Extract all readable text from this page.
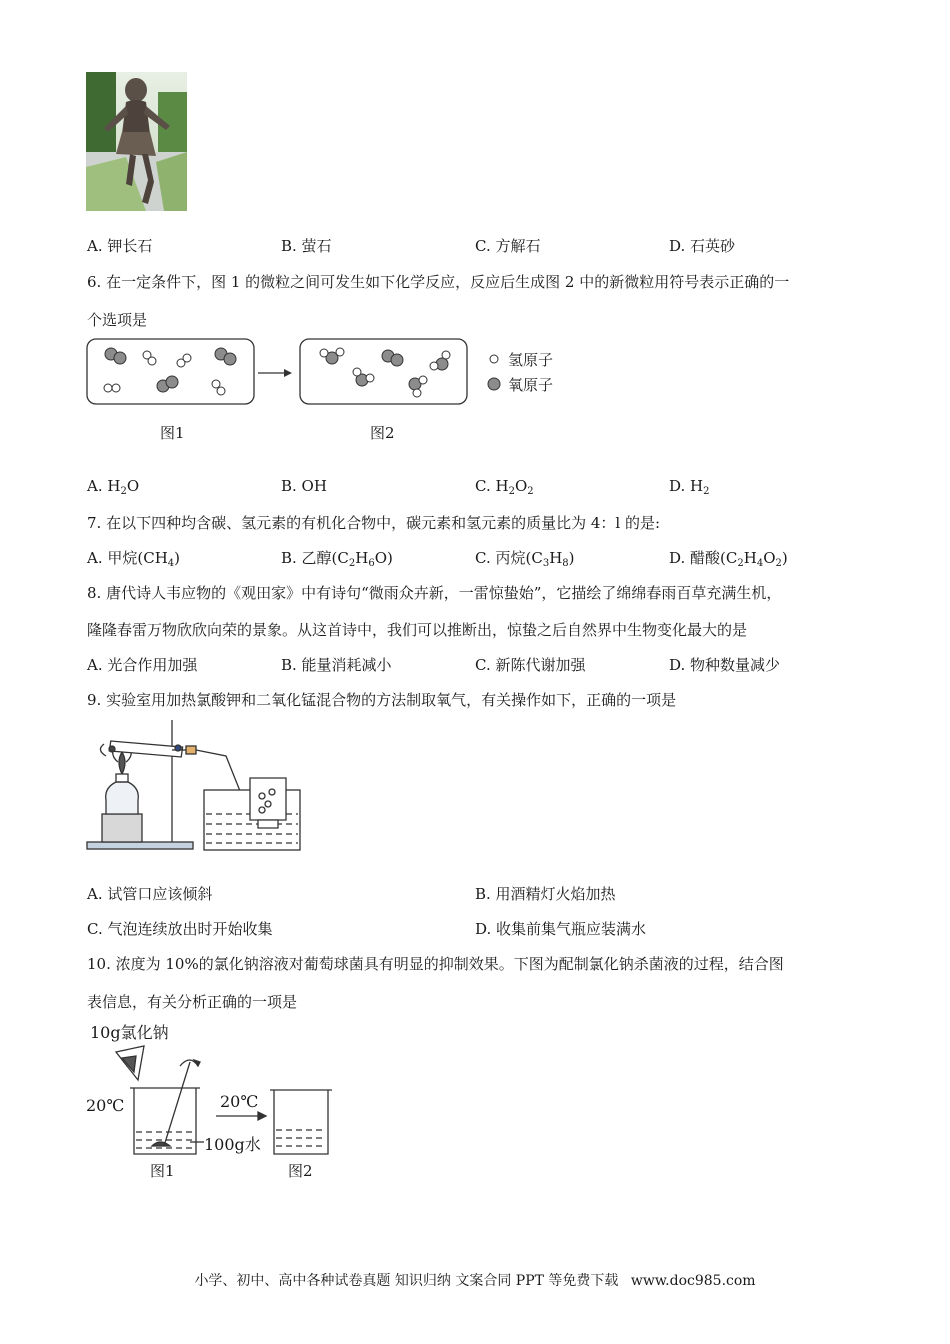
A. 钾长石	B. 萤石	C. 方解石	D. 石英砂
6. 在一定条件下，图 1 的微粒之间可发生如下化学反应，反应后生成图 2 中的新微粒用符号表示正确的一
个选项是
氢原子
氧原子
图1	图2
A. $H_2O$	B. OH	C. $H_2O_2$	D. $H_2$
7. 在以下四种均含碳、氢元素的有机化合物中，碳元素和氢元素的质量比为 4：l 的是:
A. 甲烷$(CH_4)$	B. 乙醇$(C_2H_6O)$	C. 丙烷$(C_3H_8)$	D. 醋酸$(C_2H_4O_2)$
8. 唐代诗人韦应物的《观田家》中有诗句“微雨众卉新，一雷惊蛰始”，它描绘了绵绵春雨百草充满生机，
隆隆春雷万物欣欣向荣的景象。从这首诗中，我们可以推断出，惊蛰之后自然界中生物变化最大的是
A. 光合作用加强	B. 能量消耗减小	C. 新陈代谢加强	D. 物种数量减少
9. 实验室用加热氯酸钾和二氧化锰混合物的方法制取氧气，有关操作如下，正确的一项是
A. 试管口应该倾斜	B. 用酒精灯火焰加热
C. 气泡连续放出时开始收集	D. 收集前集气瓶应装满水
10. 浓度为 10%的氯化钠溶液对葡萄球菌具有明显的抑制效果。下图为配制氯化钠杀菌液的过程，结合图
表信息，有关分析正确的一项是
10g氯化钠
20℃	20℃
100g水
图1	图2
小学、初中、高中各种试卷真题 知识归纳 文案合同 PPT 等免费下载 www.doc985.com
